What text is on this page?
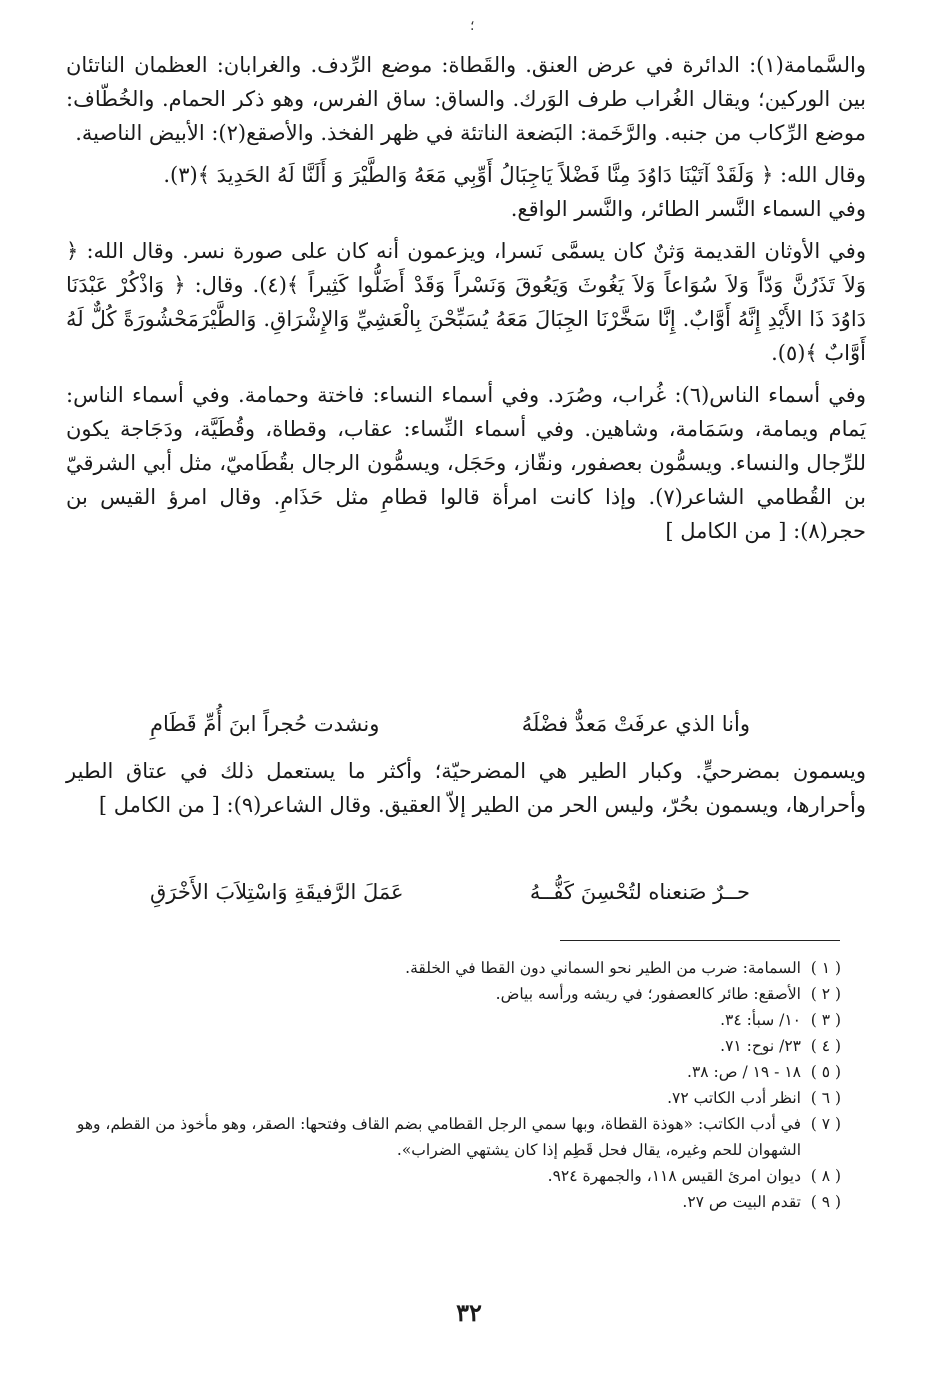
؛

والسَّمامة(١): الدائرة في عرض العنق. والقَطاة: موضع الرِّدف. والغرابان: العظمان الناتئان بين الوركين؛ ويقال الغُراب طرف الوَرك. والساق: ساق الفرس، وهو ذكر الحمام. والخُطّاف: موضع الرِّكاب من جنبه. والرَّخَمة: البَضعة الناتئة في ظهر الفخذ. والأصقع(٢): الأبيض الناصية.

وقال الله: ﴿ وَلَقَدْ آتَيْنَا دَاوُدَ مِنَّا فَضْلاً يَاجِبَالُ أَوِّبِي مَعَهُ وَالطَّيْرَ وَ أَلَنَّا لَهُ الحَدِيدَ ﴾(٣).

وفي السماء النَّسر الطائر، والنَّسر الواقع.

وفي الأوثان القديمة وَثنٌ كان يسمَّى نَسرا، ويزعمون أنه كان على صورة نسر. وقال الله: ﴿ وَلاَ تَذَرُنَّ وَدّاً وَلاَ سُوَاعاً وَلاَ يَغُوثَ وَيَعُوقَ وَنَسْراً وَقَدْ أَضَلُّوا كَثِيراً ﴾(٤). وقال: ﴿ وَاذْكُرْ عَبْدَنَا دَاوُدَ ذَا الأَيْدِ إِنَّهُ أَوَّابٌ. إِنَّا سَخَّرْنَا الجِبَالَ مَعَهُ يُسَبِّحْنَ بِالْعَشِيِّ وَالإِشْرَاقِ. وَالطَّيْرَمَحْشُورَةً كُلٌّ لَهُ أَوَّابٌ ﴾(٥).

وفي أسماء الناس(٦): غُراب، وصُرَد. وفي أسماء النساء: فاختة وحمامة. وفي أسماء الناس: يَمام ويمامة، وسَمَامة، وشاهين. وفي أسماء النِّساء: عقاب، وقطاة، وقُطَيَّة، ودَجَاجة يكون للرِّجال والنساء. ويسمُّون بعصفور، ونقّاز، وحَجَل، ويسمُّون الرجال بقُطَاميّ، مثل أبي الشرقيّ بن القُطامي الشاعر(٧). وإذا كانت امرأة قالوا قطامِ مثل حَذَامِ. وقال امرؤ القيس بن حجر(٨): [ من الكامل ]

وأنا الذي عرفَتْ مَعدٌّ فضْلَهُ
ونشدت حُجراً ابنَ أُمِّ قَطَامِ

ويسمون بمضرحيٍّ. وكبار الطير هي المضرحيّة؛ وأكثر ما يستعمل ذلك في عتاق الطير وأحرارها، ويسمون بحُرّ، وليس الحر من الطير إلاّ العقيق. وقال الشاعر(٩): [ من الكامل ]

حــرٌ صَنعناه لتُحْسِنَ كَفُّــهُ
عَمَلَ الرَّفيقَةِ وَاسْتِلاَبَ الأَخْرَقِ
( ١ )
السمامة: ضرب من الطير نحو السماني دون القطا في الخلقة.
( ٢ )
الأصقع: طائر كالعصفور؛ في ريشه ورأسه بياض.
( ٣ )
١٠/ سبأ: ٣٤.
( ٤ )
٢٣/ نوح: ٧١.
( ٥ )
١٨ - ١٩ / ص: ٣٨.
( ٦ )
انظر أدب الكاتب ٧٢.
( ٧ )
في أدب الكاتب: «هوذة القطاة، وبها سمي الرجل القطامي بضم القاف وفتحها: الصقر، وهو مأخوذ من القطم، وهو الشهوان للحم وغيره، يقال فحل قَطِم إذا كان يشتهي الضراب».
( ٨ )
ديوان امرئ القيس ١١٨، والجمهرة ٩٢٤.
( ٩ )
تقدم البيت ص ٢٧.
٣٢
